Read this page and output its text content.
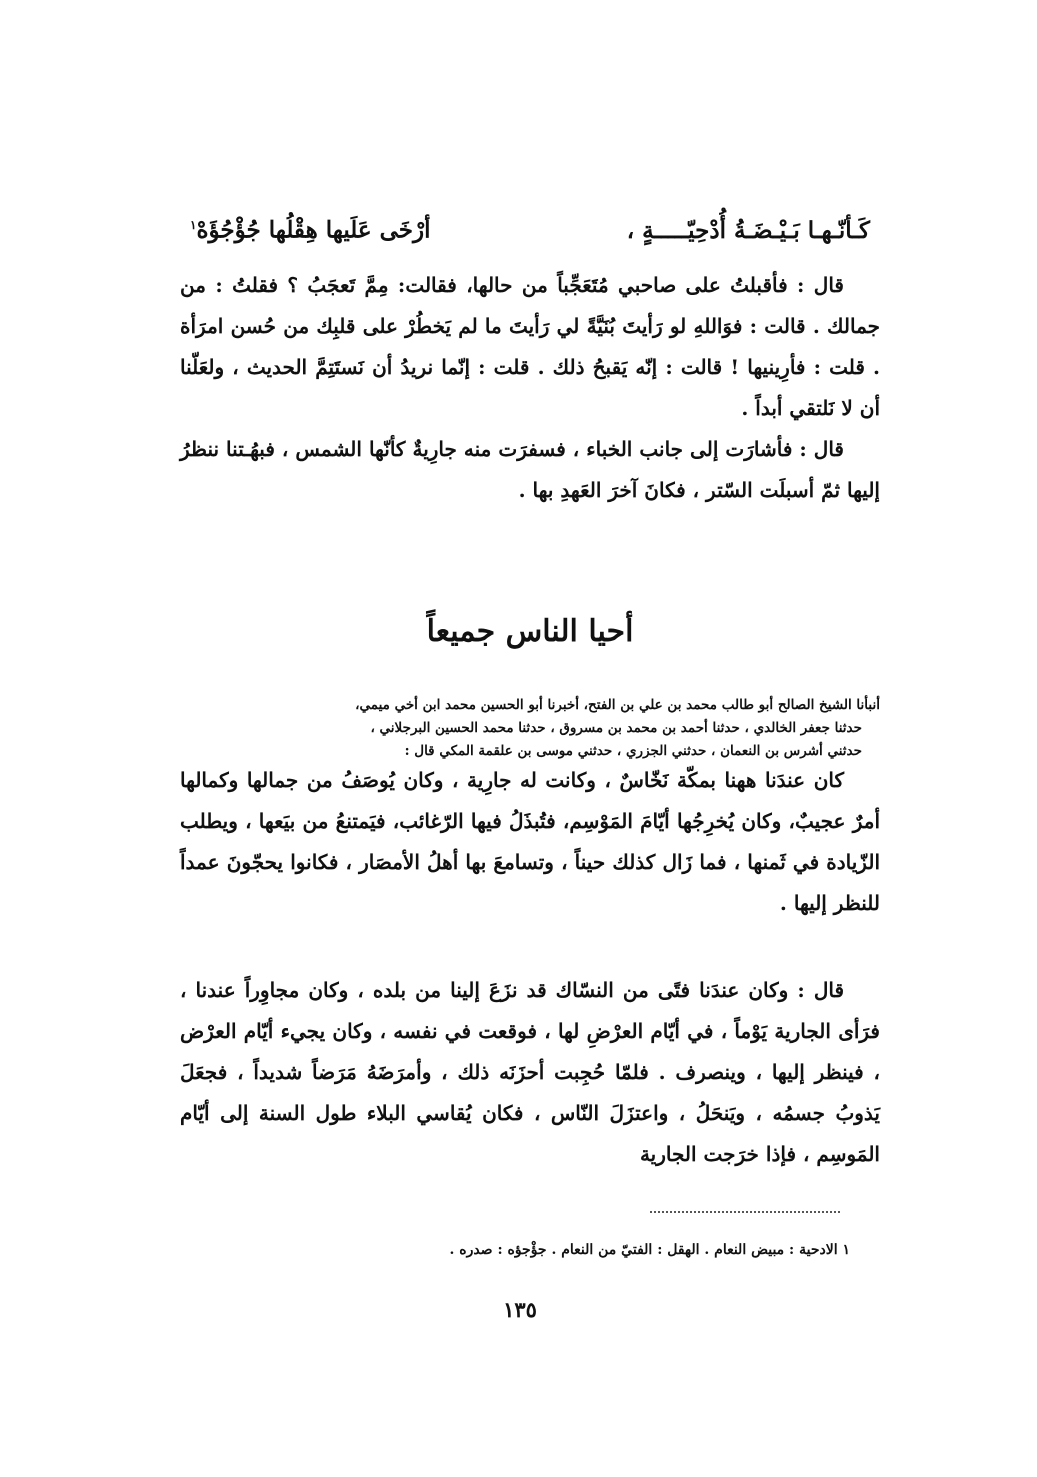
كَـأنّـهـا بَـيْـضَـةُ أُدْحِيّـــــةٍ ،
أرْخَى عَلَيها هِقْلُها جُؤْجُؤَهْ$^١$

قال : فأقبلتُ على صاحبي مُتَعَجِّباً من حالها، فقالت: مِمَّ تَعجَبُ ؟ فقلتُ : من جمالك . قالت : فوَاللهِ لو رَأيتَ بُنَيَّةً لي رَأيتَ ما لم يَخطُرْ على قلبِك من حُسن امرَأة . قلت : فأرِينيها ! قالت : إنّه يَقبحُ ذلك . قلت : إنّما نريدُ أن نَستَتِمَّ الحديث ، ولعَلّنا أن لا نَلتقي أبداً .

قال : فأشارَت إلى جانب الخباء ، فسفرَت منه جارِيةٌ كأنّها الشمس ، فبهُـتنا ننظرُ إليها ثمّ أسبلَت السّتر ، فكانَ آخرَ العَهدِ بها .

أحيا الناس جميعاً

أنبأنا الشيخ الصالح أبو طالب محمد بن علي بن الفتح، أخبرنا أبو الحسين محمد ابن أخي ميمي،

حدثنا جعفر الخالدي ، حدثنا أحمد بن محمد بن مسروق ، حدثنا محمد الحسين البرجلاني ،

حدثني أشرس بن النعمان ، حدثني الجزري ، حدثني موسى بن علقمة المكي قال :

كان عندَنا ههنا بمكّة نَخّاسٌ ، وكانت له جارِية ، وكان يُوصَفُ من جمالها وكمالها أمرٌ عجيبٌ، وكان يُخرِجُها أيّامَ المَوْسِم، فتُبذَلُ فيها الرّغائب، فيَمتنعُ من بيَعها ، ويطلب الزّيادة في ثَمنها ، فما زَال كذلك حيناً ، وتسامعَ بها أهلُ الأمصَار ، فكانوا يحجّونَ عمداً للنظر إليها .

قال : وكان عندَنا فتًى من النسّاك قد نزَعَ إلينا من بلده ، وكان مجاوِراً عندنا ، فرَأى الجارية يَوْماً ، في أيّام العرْضِ لها ، فوقعت في نفسه ، وكان يجيء أيّام العرْض ، فينظر إليها ، وينصرف . فلمّا حُجِبت أحزَنَه ذلك ، وأمرَضَهُ مَرَضاً شديداً ، فجعَلَ يَذوبُ جسمُه ، ويَنحَلُ ، واعتزَلَ النّاس ، فكان يُقاسي البلاء طول السنة إلى أيّام المَوسِم ، فإذا خرَجت الجارية

١ الادحية : مبيض النعام . الهقل : الفتيّ من النعام . جؤْجؤه : صدره .
١٣٥
